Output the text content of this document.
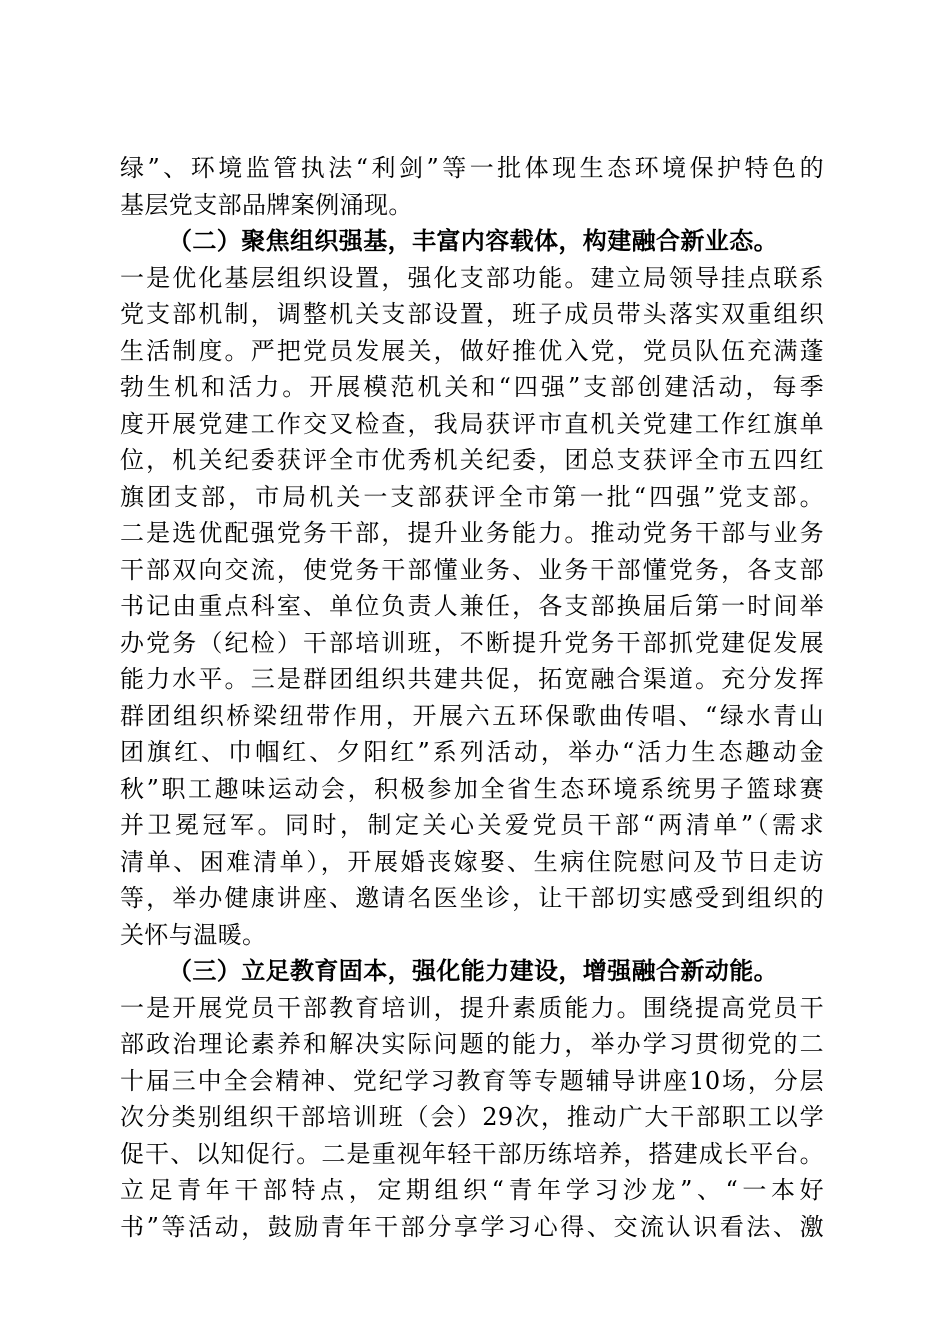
绿”、环境监管执法“利剑”等一批体现生态环境保护特色的
基层党支部品牌案例涌现。
（二）聚焦组织强基，丰富内容载体，构建融合新业态。
一是优化基层组织设置，强化支部功能。建立局领导挂点联系
党支部机制，调整机关支部设置，班子成员带头落实双重组织
生活制度。严把党员发展关，做好推优入党，党员队伍充满蓬
勃生机和活力。开展模范机关和“四强”支部创建活动，每季
度开展党建工作交叉检查，我局获评市直机关党建工作红旗单
位，机关纪委获评全市优秀机关纪委，团总支获评全市五四红
旗团支部，市局机关一支部获评全市第一批“四强”党支部。
二是选优配强党务干部，提升业务能力。推动党务干部与业务
干部双向交流，使党务干部懂业务、业务干部懂党务，各支部
书记由重点科室、单位负责人兼任，各支部换届后第一时间举
办党务（纪检）干部培训班，不断提升党务干部抓党建促发展
能力水平。三是群团组织共建共促，拓宽融合渠道。充分发挥
群团组织桥梁纽带作用，开展六五环保歌曲传唱、“绿水青山
团旗红、巾帼红、夕阳红”系列活动，举办“活力生态趣动金
秋”职工趣味运动会，积极参加全省生态环境系统男子篮球赛
并卫冕冠军。同时，制定关心关爱党员干部“两清单”（需求
清单、困难清单），开展婚丧嫁娶、生病住院慰问及节日走访
等，举办健康讲座、邀请名医坐诊，让干部切实感受到组织的
关怀与温暖。
（三）立足教育固本，强化能力建设，增强融合新动能。
一是开展党员干部教育培训，提升素质能力。围绕提高党员干
部政治理论素养和解决实际问题的能力，举办学习贯彻党的二
十届三中全会精神、党纪学习教育等专题辅导讲座10场，分层
次分类别组织干部培训班（会）29次，推动广大干部职工以学
促干、以知促行。二是重视年轻干部历练培养，搭建成长平台。
立足青年干部特点，定期组织“青年学习沙龙”、“一本好
书”等活动，鼓励青年干部分享学习心得、交流认识看法、激
